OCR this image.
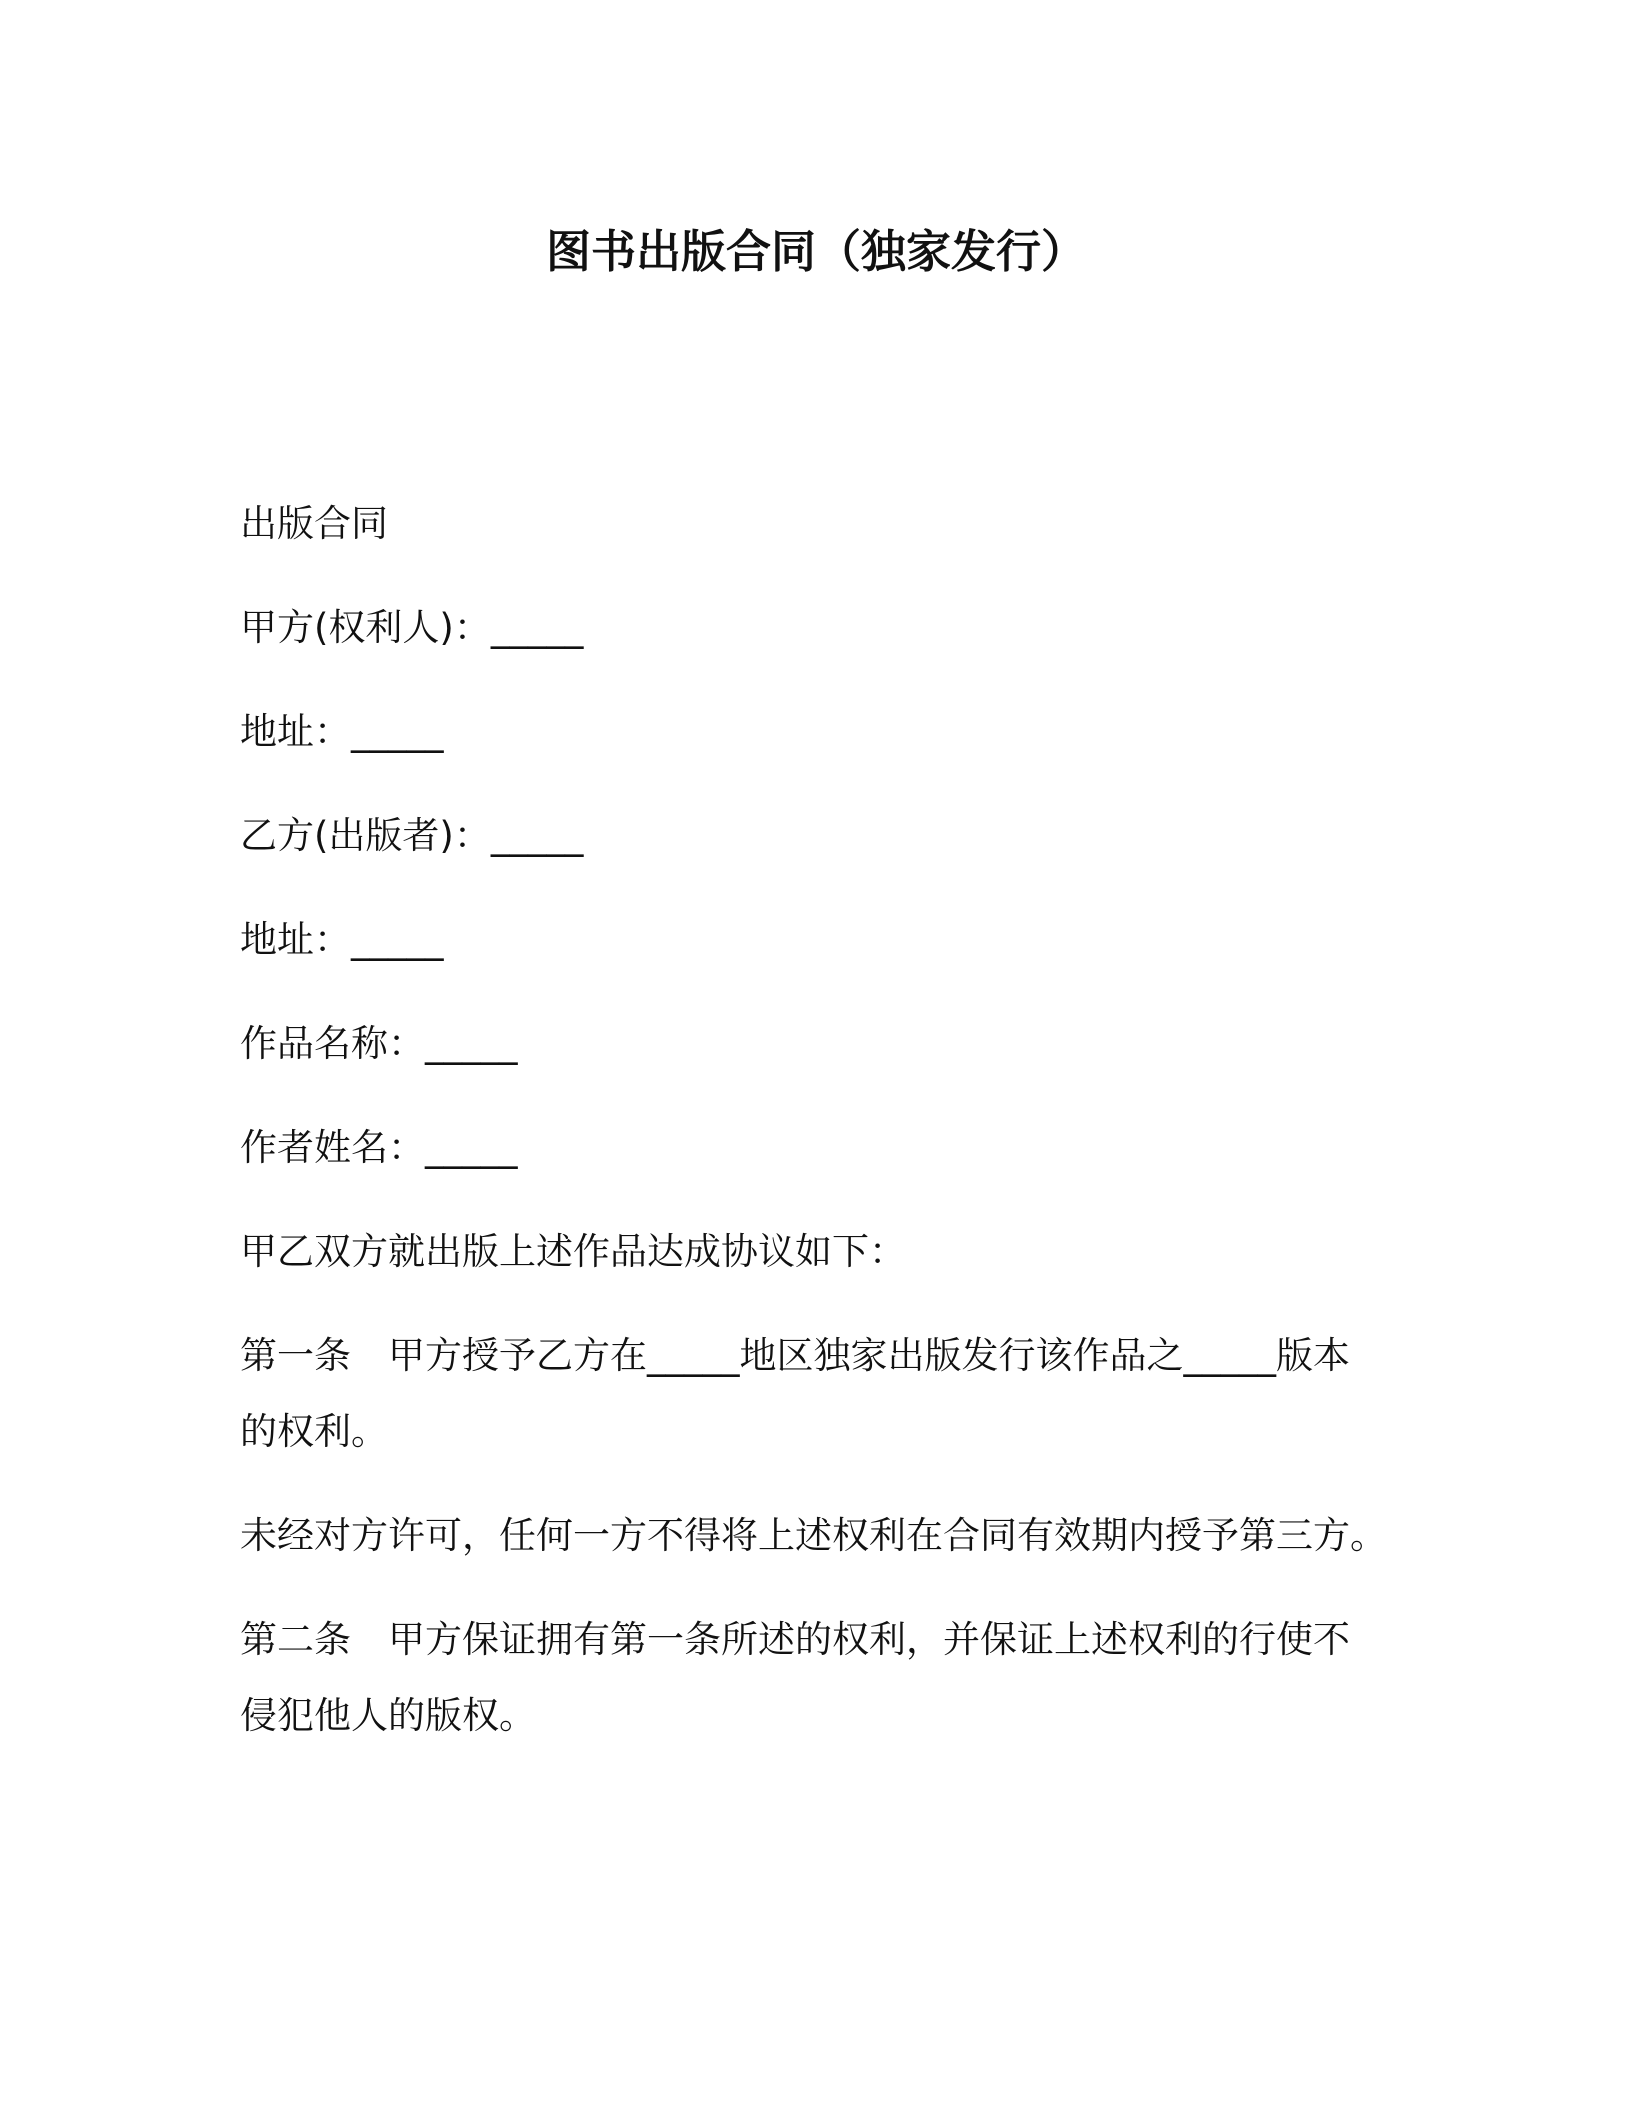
图书出版合同（独家发行）
出版合同
甲方(权利人)：_____
地址：_____
乙方(出版者)：_____
地址：_____
作品名称：_____
作者姓名：_____
甲乙双方就出版上述作品达成协议如下：
第一条　甲方授予乙方在_____地区独家出版发行该作品之_____版本
的权利。
未经对方许可，任何一方不得将上述权利在合同有效期内授予第三方。
第二条　甲方保证拥有第一条所述的权利，并保证上述权利的行使不
侵犯他人的版权。
